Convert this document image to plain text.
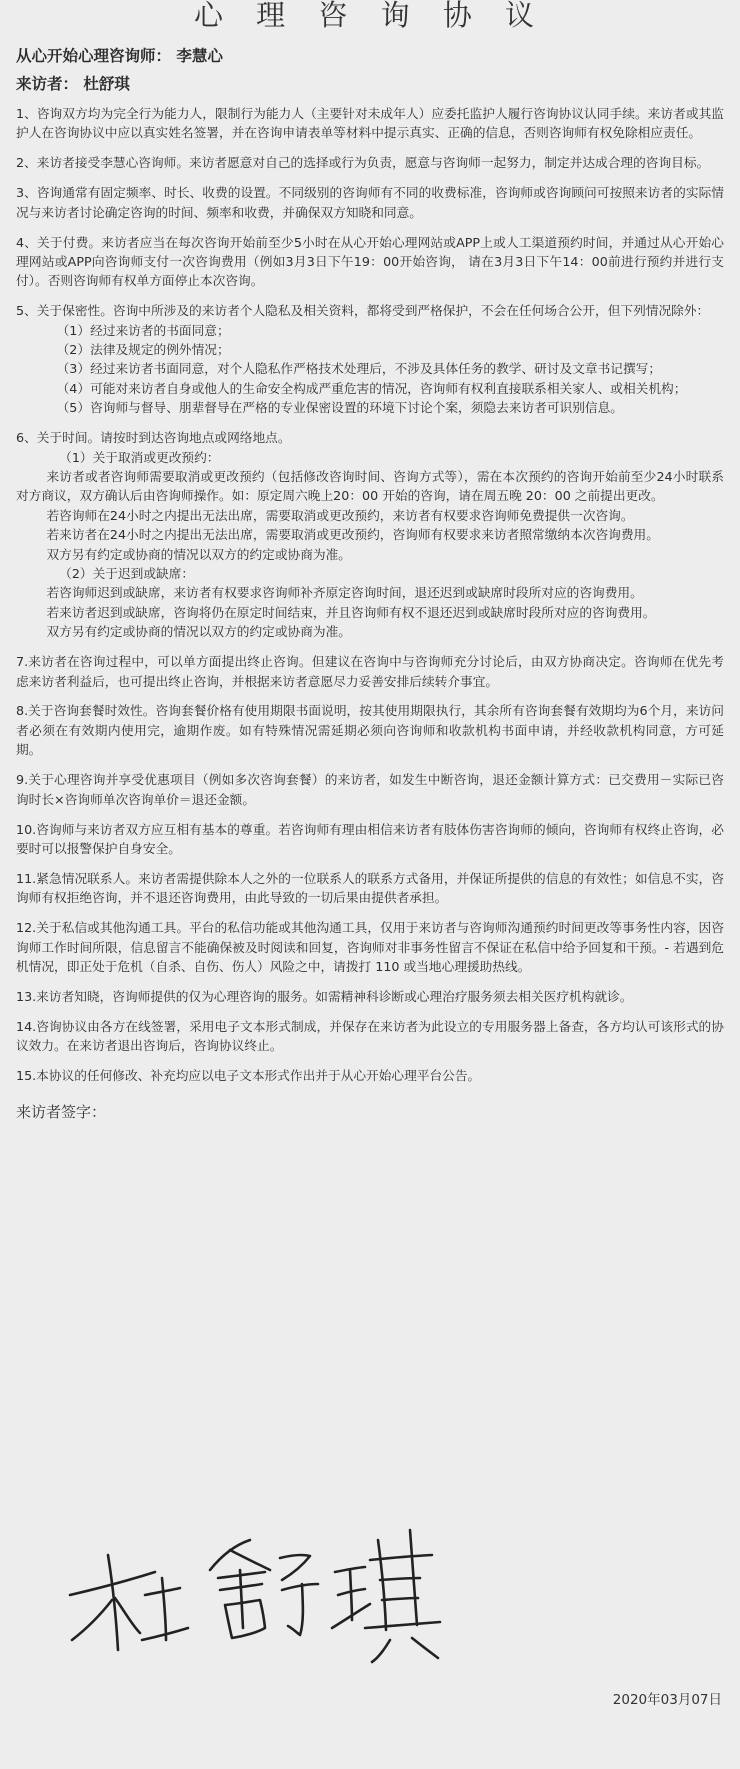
心 理 咨 询 协 议

从心开始心理咨询师： 李慧心

来访者： 杜舒琪

1、咨询双方均为完全行为能力人，限制行为能力人（主要针对未成年人）应委托监护人履行咨询协议认同手续。来访者或其监护人在咨询协议中应以真实姓名签署，并在咨询申请表单等材料中提示真实、正确的信息，否则咨询师有权免除相应责任。

2、来访者接受李慧心咨询师。来访者愿意对自己的选择或行为负责，愿意与咨询师一起努力，制定并达成合理的咨询目标。

3、咨询通常有固定频率、时长、收费的设置。不同级别的咨询师有不同的收费标准，咨询师或咨询顾问可按照来访者的实际情况与来访者讨论确定咨询的时间、频率和收费，并确保双方知晓和同意。

4、关于付费。来访者应当在每次咨询开始前至少5小时在从心开始心理网站或APP上或人工渠道预约时间，并通过从心开始心理网站或APP向咨询师支付一次咨询费用（例如3月3日下午19：00开始咨询， 请在3月3日下午14：00前进行预约并进行支付）。否则咨询师有权单方面停止本次咨询。

5、关于保密性。咨询中所涉及的来访者个人隐私及相关资料，都将受到严格保护，不会在任何场合公开，但下列情况除外：

（1）经过来访者的书面同意；

（2）法律及规定的例外情况；

（3）经过来访者书面同意，对个人隐私作严格技术处理后，不涉及具体任务的教学、研讨及文章书记撰写；

（4）可能对来访者自身或他人的生命安全构成严重危害的情况，咨询师有权利直接联系相关家人、或相关机构；

（5）咨询师与督导、朋辈督导在严格的专业保密设置的环境下讨论个案，须隐去来访者可识别信息。

6、关于时间。请按时到达咨询地点或网络地点。

（1）关于取消或更改预约：

来访者或者咨询师需要取消或更改预约（包括修改咨询时间、咨询方式等），需在本次预约的咨询开始前至少24小时联系对方商议，双方确认后由咨询师操作。如：原定周六晚上20：00 开始的咨询，请在周五晚 20：00 之前提出更改。

若咨询师在24小时之内提出无法出席，需要取消或更改预约，来访者有权要求咨询师免费提供一次咨询。

若来访者在24小时之内提出无法出席，需要取消或更改预约，咨询师有权要求来访者照常缴纳本次咨询费用。

双方另有约定或协商的情况以双方的约定或协商为准。

（2）关于迟到或缺席：

若咨询师迟到或缺席，来访者有权要求咨询师补齐原定咨询时间，退还迟到或缺席时段所对应的咨询费用。

若来访者迟到或缺席，咨询将仍在原定时间结束，并且咨询师有权不退还迟到或缺席时段所对应的咨询费用。

双方另有约定或协商的情况以双方的约定或协商为准。

7.来访者在咨询过程中，可以单方面提出终止咨询。但建议在咨询中与咨询师充分讨论后，由双方协商决定。咨询师在优先考虑来访者利益后，也可提出终止咨询，并根据来访者意愿尽力妥善安排后续转介事宜。

8.关于咨询套餐时效性。咨询套餐价格有使用期限书面说明，按其使用期限执行，其余所有咨询套餐有效期均为6个月，来访问者必须在有效期内使用完，逾期作废。如有特殊情况需延期必须向咨询师和收款机构书面申请，并经收款机构同意，方可延期。

9.关于心理咨询并享受优惠项目（例如多次咨询套餐）的来访者，如发生中断咨询，退还金额计算方式：已交费用－实际已咨询时长×咨询师单次咨询单价＝退还金额。

10.咨询师与来访者双方应互相有基本的尊重。若咨询师有理由相信来访者有肢体伤害咨询师的倾向，咨询师有权终止咨询，必要时可以报警保护自身安全。

11.紧急情况联系人。来访者需提供除本人之外的一位联系人的联系方式备用，并保证所提供的信息的有效性；如信息不实，咨询师有权拒绝咨询，并不退还咨询费用，由此导致的一切后果由提供者承担。

12.关于私信或其他沟通工具。平台的私信功能或其他沟通工具，仅用于来访者与咨询师沟通预约时间更改等事务性内容，因咨询师工作时间所限，信息留言不能确保被及时阅读和回复，咨询师对非事务性留言不保证在私信中给予回复和干预。- 若遇到危机情况，即正处于危机（自杀、自伤、伤人）风险之中，请拨打 110 或当地心理援助热线。

13.来访者知晓，咨询师提供的仅为心理咨询的服务。如需精神科诊断或心理治疗服务须去相关医疗机构就诊。

14.咨询协议由各方在线签署，采用电子文本形式制成，并保存在来访者为此设立的专用服务器上备查，各方均认可该形式的协议效力。在来访者退出咨询后，咨询协议终止。

15.本协议的任何修改、补充均应以电子文本形式作出并于从心开始心理平台公告。

来访者签字：
2020年03月07日
